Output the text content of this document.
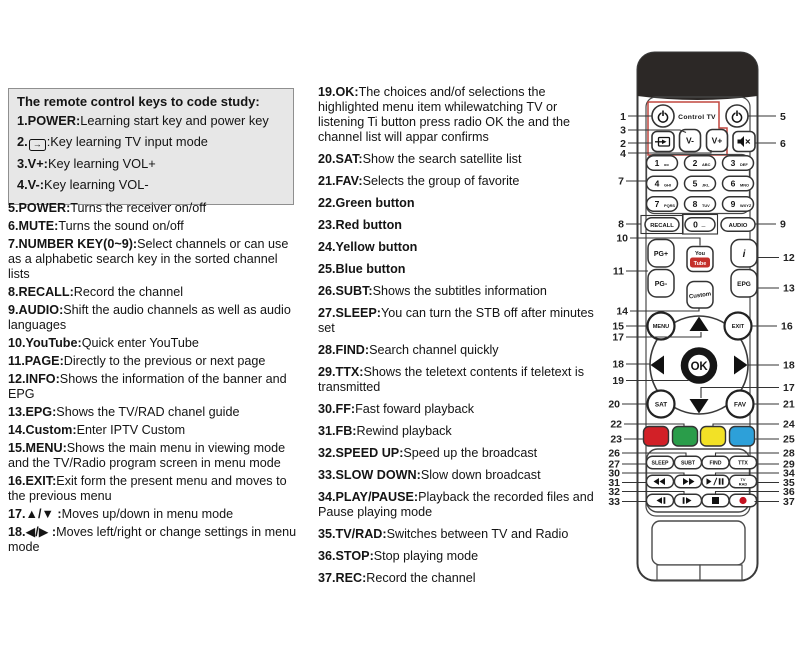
The remote control keys to code study:
1.POWER:Learning start key and power key
2. → :Key learning TV input mode
3.V+:Key learning VOL+
4.V-:Key learning VOL-
5.POWER:Turns the receiver on/off
6.MUTE:Turns the sound on/off
7.NUMBER KEY(0~9):Select channels or can use as a alphabetic search key in the sorted channel lists
8.RECALL:Record the channel
9.AUDIO:Shift the audio channels as well as audio languages
10.YouTube:Quick enter YouTube
11.PAGE:Directly to the previous or next page
12.INFO:Shows the information of the banner and EPG
13.EPG:Shows the TV/RAD chanel guide
14.Custom:Enter IPTV Custom
15.MENU:Shows the main menu in viewing mode and the TV/Radio program screen in menu mode
16.EXIT:Exit form the present menu and moves to the previous menu
17.▲/▼ :Moves up/down in menu mode
18.◀/▶ :Moves left/right or change settings in menu mode
19.OK:The choices and/of selections the highlighted menu item whilewatching TV or listening Ti button press radio OK the and the channel list will appar confirms
20.SAT:Show the search satellite list
21.FAV:Selects the group of favorite
22.Green button
23.Red button
24.Yellow button
25.Blue button
26.SUBT:Shows the subtitles information
27.SLEEP:You can turn the STB off after minutes set
28.FIND:Search channel quickly
29.TTX:Shows the teletext contents if teletext is transmitted
30.FF:Fast foward playback
31.FB:Rewind playback
32.SPEED UP:Speed up the broadcast
33.SLOW DOWN:Slow down broadcast
34.PLAY/PAUSE:Playback the recorded files and Pause playing mode
35.TV/RAD:Switches between TV and Radio
36.STOP:Stop playing mode
37.REC:Record the channel
Control TV
V- V+
1 oo	2 ABC 3 DEF
4 GHI	5 JKL	6 MNO
7 PQRS 8 TUV 9 WXYZ
RECALL 0 —	AUDIO
PG+
PG-
You
Tube
i
EPG
Custom
MENU	EXIT
SAT	FAV
OK
SLEEP SUBT	FIND	TTX
TV
RAD
1
2
3
4
5
6
7
8	9
10
11
12
13
14
15	16
17
17
18	18
19
20	21
22
23
24
25
26
27
28
29
30
31
32
33
34
35
36
37
